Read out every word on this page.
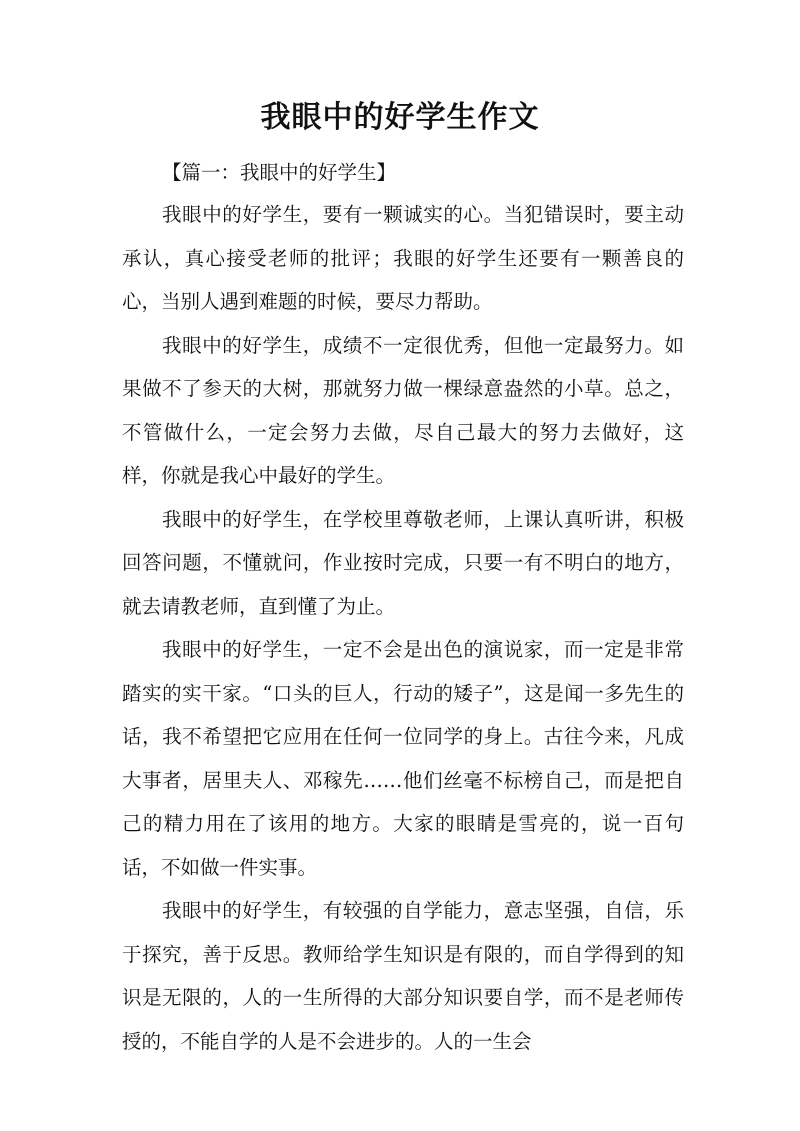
我眼中的好学生作文

【篇一：我眼中的好学生】

我眼中的好学生，要有一颗诚实的心。当犯错误时，要主动承认，真心接受老师的批评；我眼的好学生还要有一颗善良的心，当别人遇到难题的时候，要尽力帮助。

我眼中的好学生，成绩不一定很优秀，但他一定最努力。如果做不了参天的大树，那就努力做一棵绿意盎然的小草。总之，不管做什么，一定会努力去做，尽自己最大的努力去做好，这样，你就是我心中最好的学生。

我眼中的好学生，在学校里尊敬老师，上课认真听讲，积极回答问题，不懂就问，作业按时完成，只要一有不明白的地方，就去请教老师，直到懂了为止。

我眼中的好学生，一定不会是出色的演说家，而一定是非常踏实的实干家。“口头的巨人，行动的矮子”，这是闻一多先生的话，我不希望把它应用在任何一位同学的身上。古往今来，凡成大事者，居里夫人、邓稼先……他们丝毫不标榜自己，而是把自己的精力用在了该用的地方。大家的眼睛是雪亮的，说一百句话，不如做一件实事。

我眼中的好学生，有较强的自学能力，意志坚强，自信，乐于探究，善于反思。教师给学生知识是有限的，而自学得到的知识是无限的，人的一生所得的大部分知识要自学，而不是老师传授的，不能自学的人是不会进步的。人的一生会
